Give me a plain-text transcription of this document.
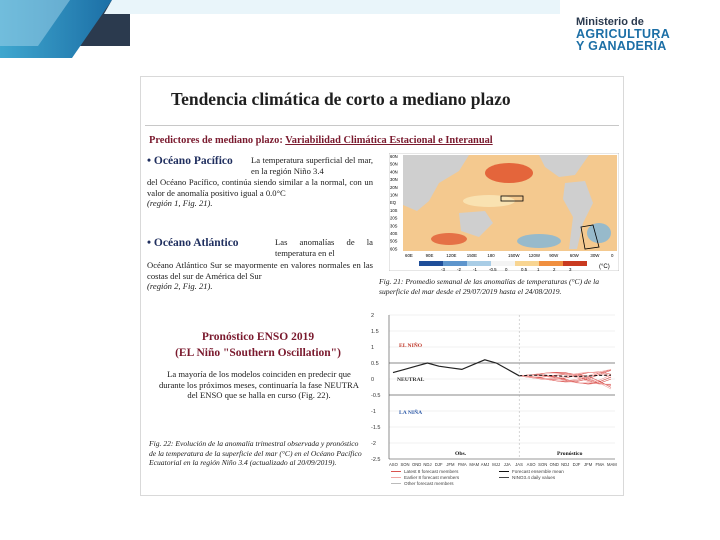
Ministerio de
AGRICULTURA
Y GANADERÍA
Tendencia climática de corto a mediano plazo
Predictores de mediano plazo: Variabilidad Climática Estacional e Interanual
• Océano Pacífico La temperatura superficial del mar, en la región Niño 3.4
del Océano Pacífico, continúa siendo similar a la normal, con un valor de anomalía positivo igual a 0.0°C
(región 1, Fig. 21).
• Océano Atlántico	Las anomalías de la temperatura en el
Océano Atlántico Sur se mayormente en valores normales en las costas del sur de América del Sur
(región 2, Fig. 21).
Pronóstico ENSO 2019
(EL Niño "Southern Oscillation")
La mayoría de los modelos coinciden en predecir que durante los próximos meses, continuaría la fase NEUTRA del ENSO que se halla en curso (Fig. 22).
Fig. 22: Evolución de la anomalía trimestral observada y pronóstico de la temperatura de la superficie del mar (°C) en el Océano Pacífico Ecuatorial en la región Niño 3.4 (actualizado al 20/09/2019).
60N
50N
40N
30N
20N
10N
EQ
10S
20S
30S
40S
50S
60S
60E	90E	120E 150E 180	150W 120W 90W	60W	30W	0
(°C)
-3	-2	-1	-0.5 0	0.5 1	2	3
Fig. 21: Promedio semanal de las anomalías de temperaturas (°C) de la superficie del mar desde el 29/07/2019 hasta el 24/08/2019.
2
1.5
1
0.5
0
-0.5
-1
-1.5
-2
-2.5
ASO SON OND NDJ DJF JFM FMA MAM AMJ MJJ JJA JAS ASO SON OND NDJ DJF JFM FMA MAM
EL NIÑO
NEUTRAL
LA NIÑA
Obs.	Pronóstico
Latest 8 forecast members
Earlier 8 forecast members
Other forecast members
Forecast ensemble mean
NINO3.4 daily values
